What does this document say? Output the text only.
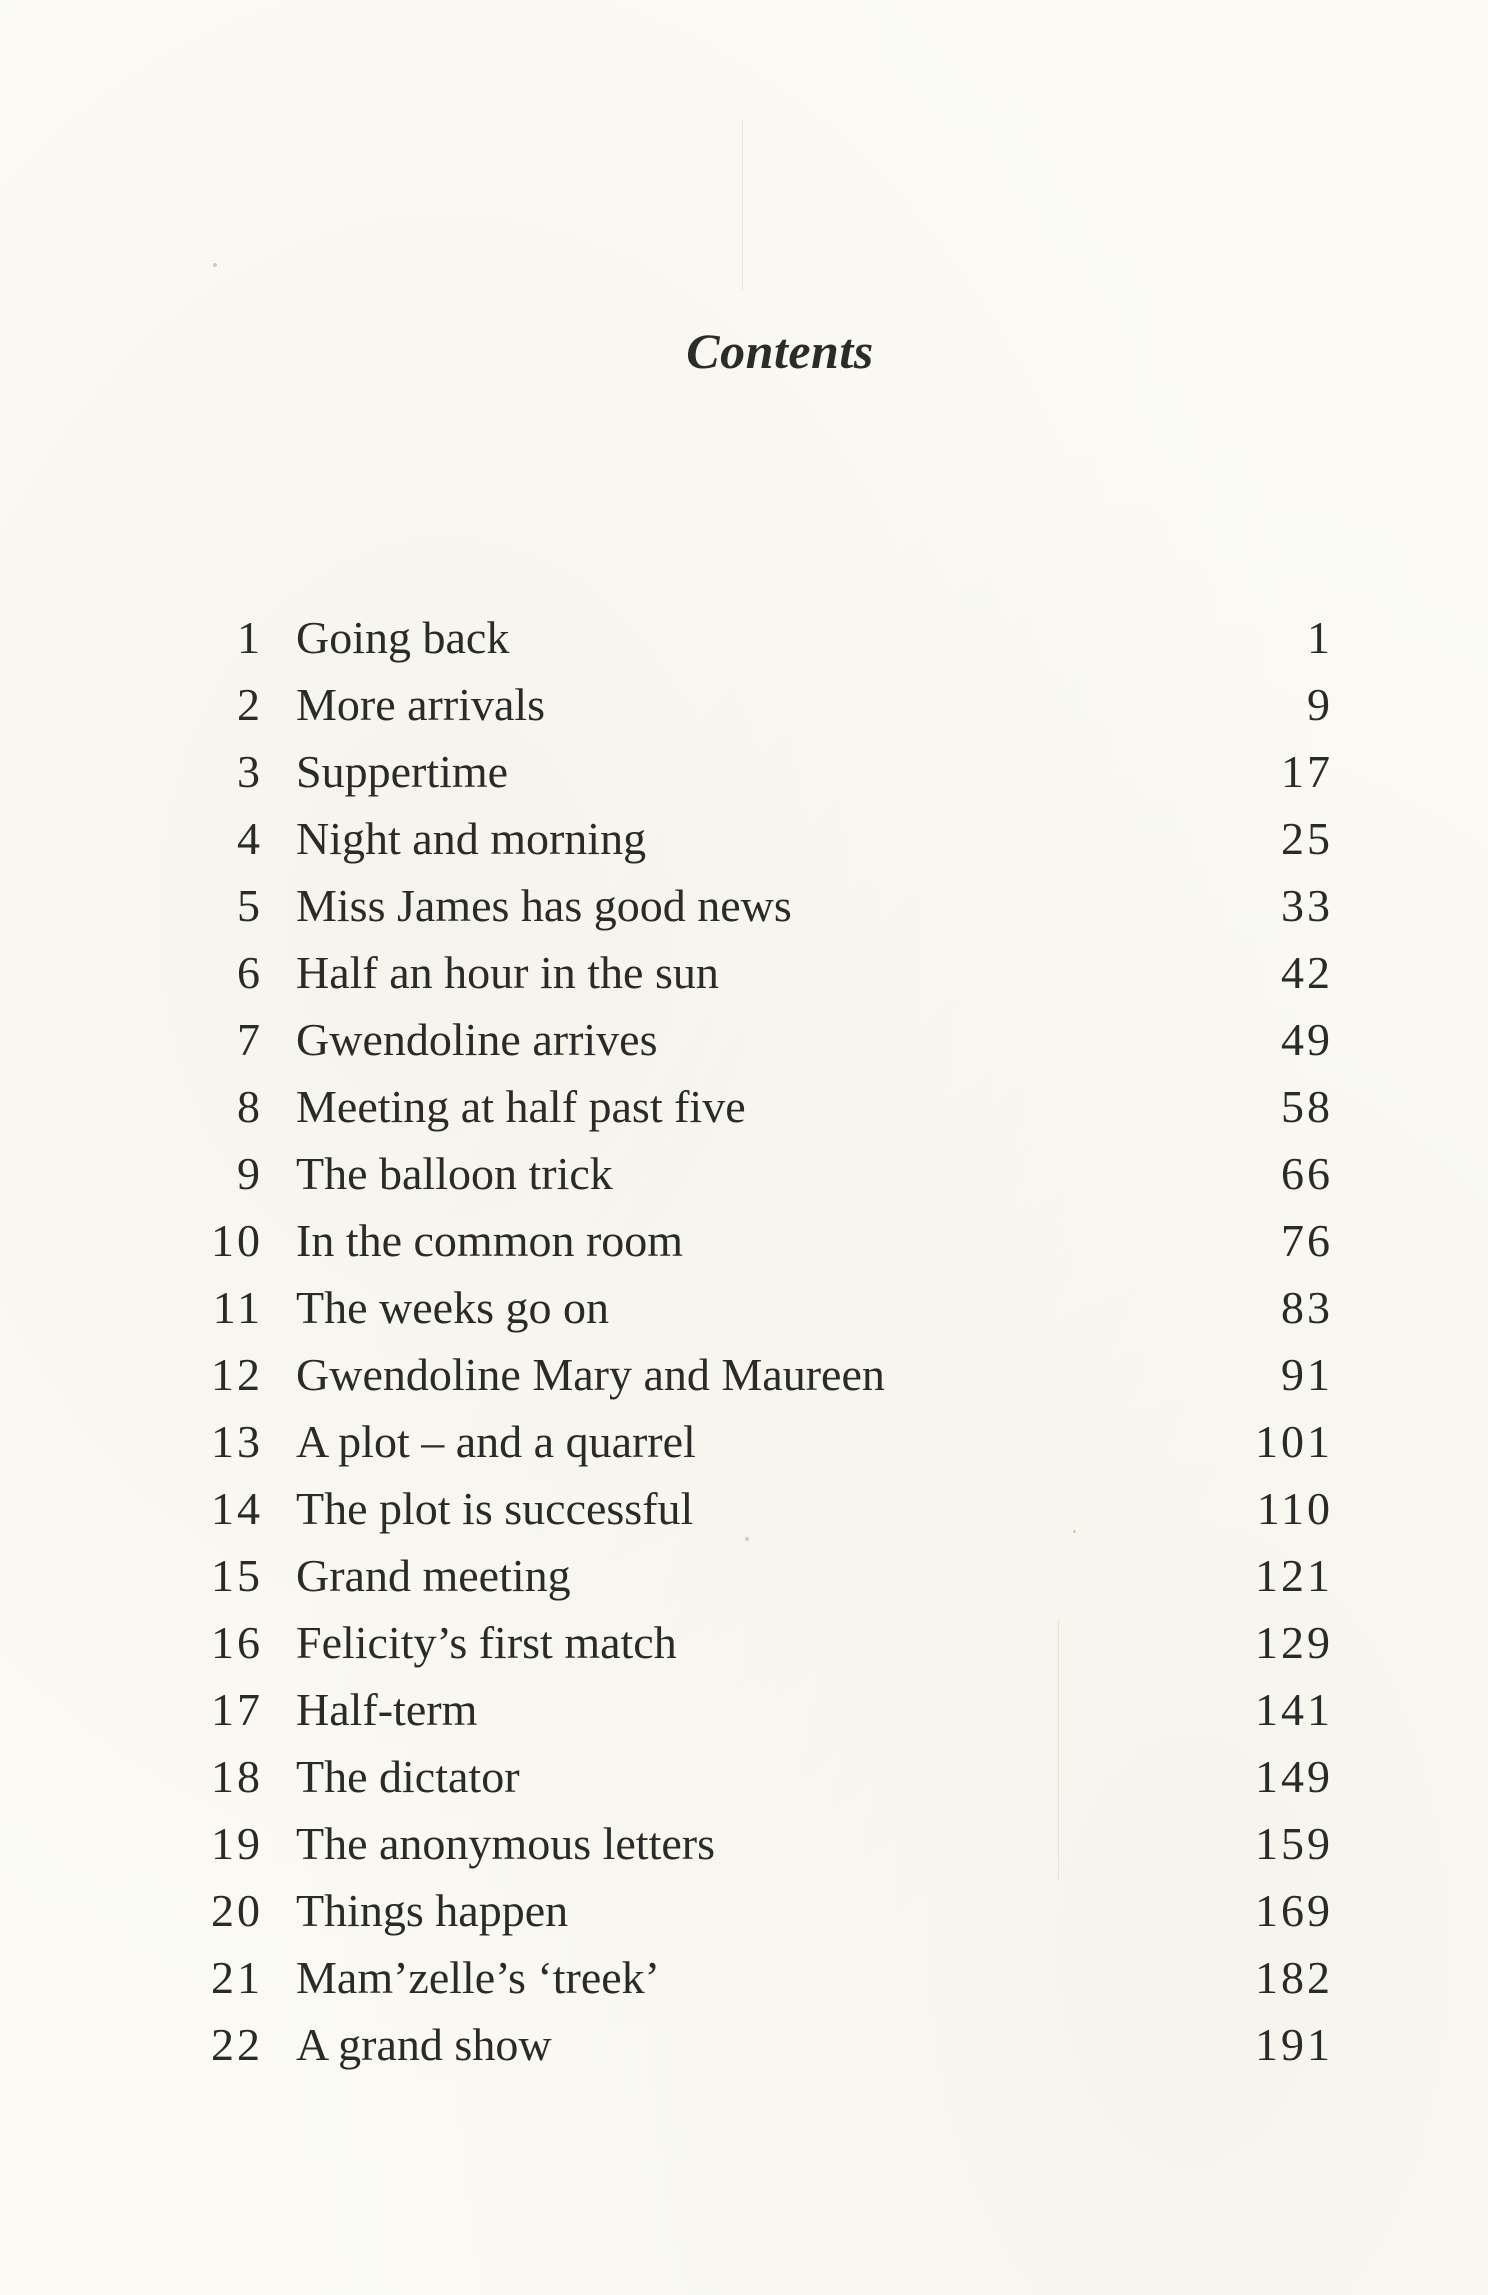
Contents
1 Going back	1
2 More arrivals	9
3 Suppertime	17
4 Night and morning	25
5 Miss James has good news	33
6 Half an hour in the sun	42
7 Gwendoline arrives	49
8 Meeting at half past five	58
9 The balloon trick	66
10 In the common room	76
11 The weeks go on	83
12 Gwendoline Mary and Maureen	91
13 A plot – and a quarrel	101
14 The plot is successful	110
15 Grand meeting	121
16 Felicity’s first match	129
17 Half-term	141
18 The dictator	149
19 The anonymous letters	159
20 Things happen	169
21 Mam’zelle’s ‘treek’	182
22 A grand show	191
